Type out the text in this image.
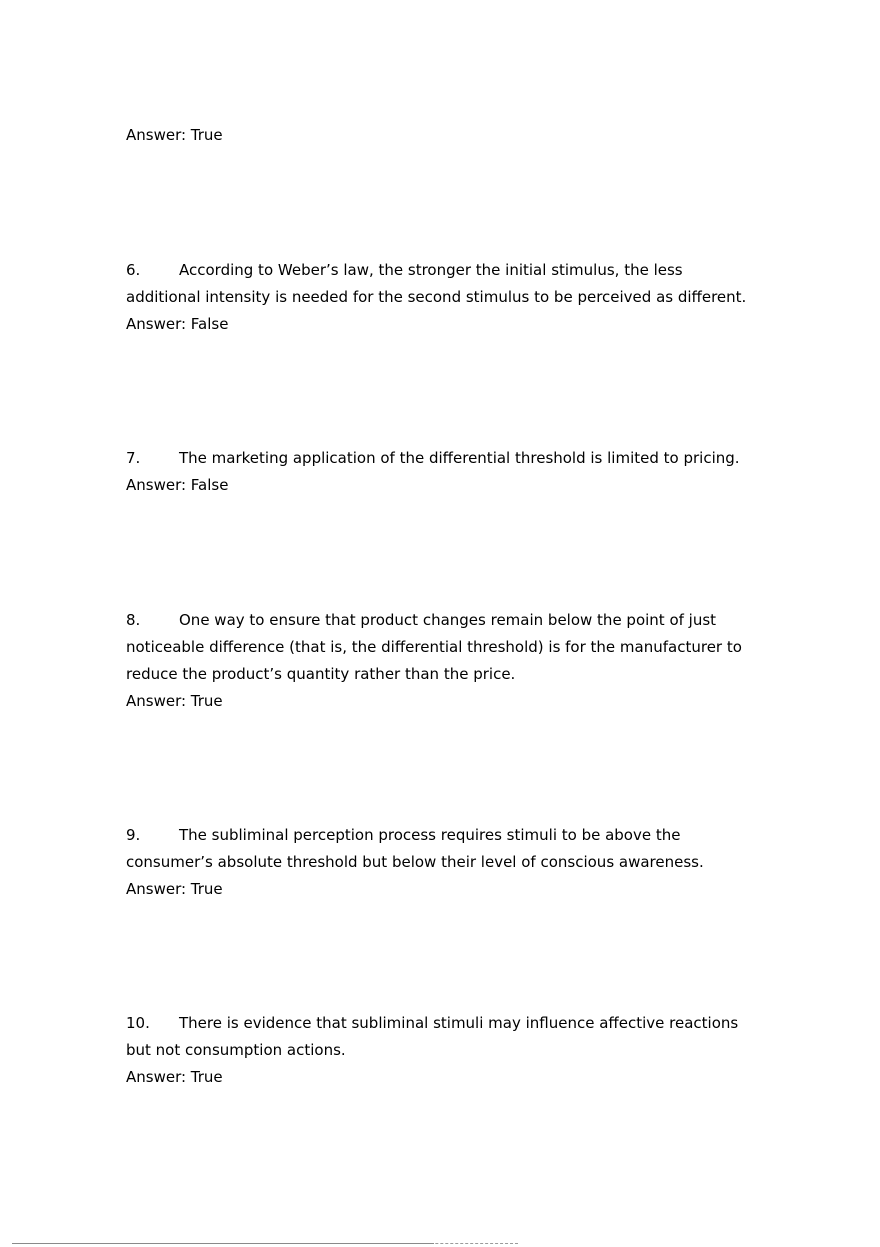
Answer: True
6.	According to Weber’s law, the stronger the initial stimulus, the less
additional intensity is needed for the second stimulus to be perceived as different.
Answer: False
7.	The marketing application of the differential threshold is limited to pricing.
Answer: False
8.	One way to ensure that product changes remain below the point of just
noticeable difference (that is, the differential threshold) is for the manufacturer to
reduce the product’s quantity rather than the price.
Answer: True
9.	The subliminal perception process requires stimuli to be above the
consumer’s absolute threshold but below their level of conscious awareness.
Answer: True
10. There is evidence that subliminal stimuli may influence affective reactions
but not consumption actions.
Answer: True
